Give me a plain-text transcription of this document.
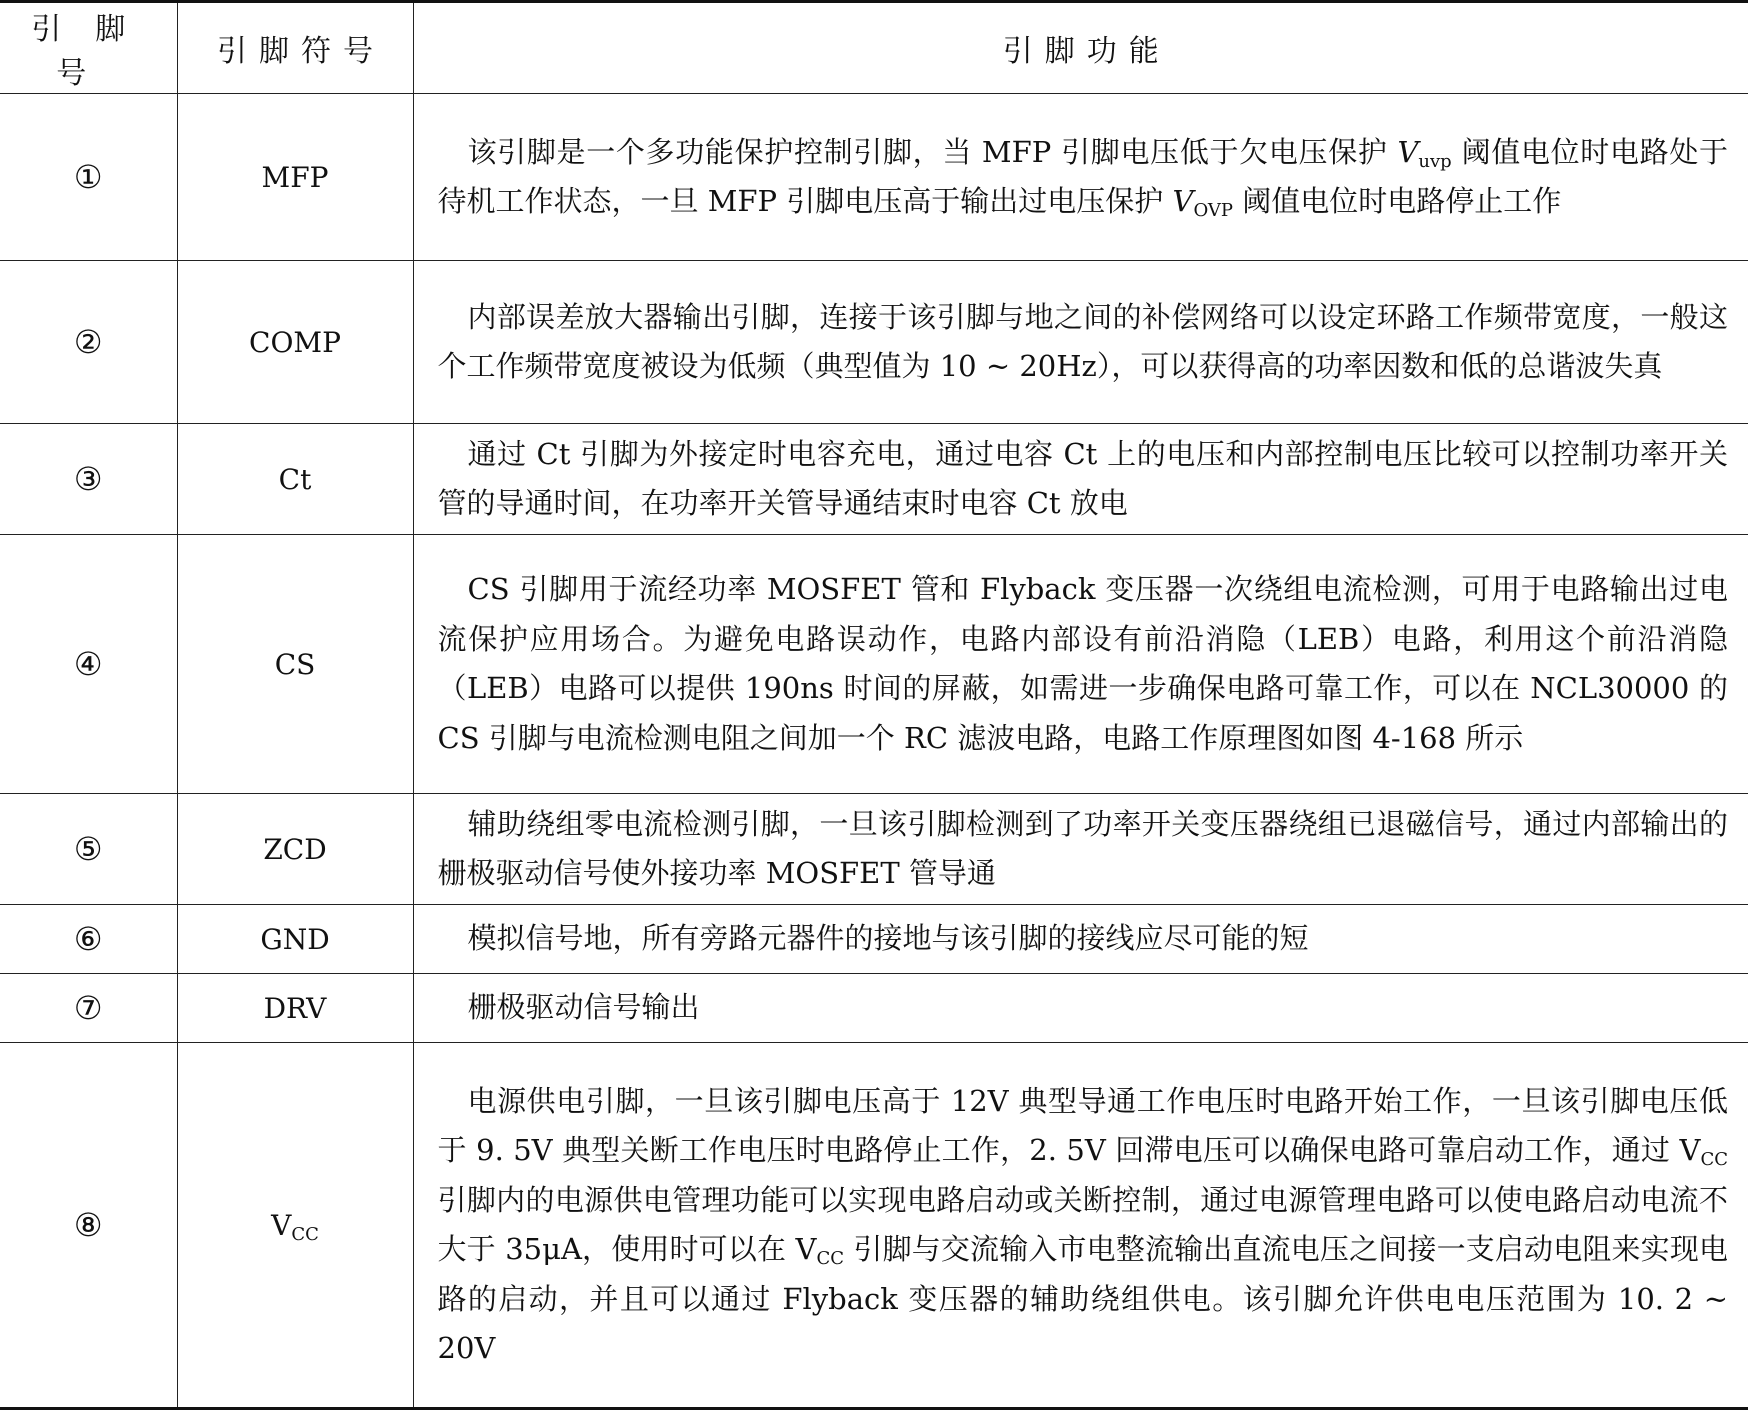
引脚号	引脚符号	引脚功能
①	MFP	该引脚是一个多功能保护控制引脚，当 MFP 引脚电压低于欠电压保护 $V_{uvp}$ 阈值电位时电路处于待机工作状态，一旦 MFP 引脚电压高于输出过电压保护 $V_{OVP}$ 阈值电位时电路停止工作
②	COMP	内部误差放大器输出引脚，连接于该引脚与地之间的补偿网络可以设定环路工作频带宽度，一般这个工作频带宽度被设为低频（典型值为 10 ~ 20Hz），可以获得高的功率因数和低的总谐波失真
③	Ct	通过 Ct 引脚为外接定时电容充电，通过电容 Ct 上的电压和内部控制电压比较可以控制功率开关管的导通时间，在功率开关管导通结束时电容 Ct 放电
④	CS	CS 引脚用于流经功率 MOSFET 管和 Flyback 变压器一次绕组电流检测，可用于电路输出过电流保护应用场合。为避免电路误动作，电路内部设有前沿消隐（LEB）电路，利用这个前沿消隐（LEB）电路可以提供 190ns 时间的屏蔽，如需进一步确保电路可靠工作，可以在 NCL30000 的 CS 引脚与电流检测电阻之间加一个 RC 滤波电路，电路工作原理图如图 4-168 所示
⑤	ZCD	辅助绕组零电流检测引脚，一旦该引脚检测到了功率开关变压器绕组已退磁信号，通过内部输出的栅极驱动信号使外接功率 MOSFET 管导通
⑥	GND	模拟信号地，所有旁路元器件的接地与该引脚的接线应尽可能的短
⑦	DRV	栅极驱动信号输出
⑧	$V_{CC}$	电源供电引脚，一旦该引脚电压高于 12V 典型导通工作电压时电路开始工作，一旦该引脚电压低于 9. 5V 典型关断工作电压时电路停止工作，2. 5V 回滞电压可以确保电路可靠启动工作，通过 $V_{CC}$ 引脚内的电源供电管理功能可以实现电路启动或关断控制，通过电源管理电路可以使电路启动电流不大于 35μA，使用时可以在 $V_{CC}$ 引脚与交流输入市电整流输出直流电压之间接一支启动电阻来实现电路的启动，并且可以通过 Flyback 变压器的辅助绕组供电。该引脚允许供电电压范围为 10. 2 ~ 20V
